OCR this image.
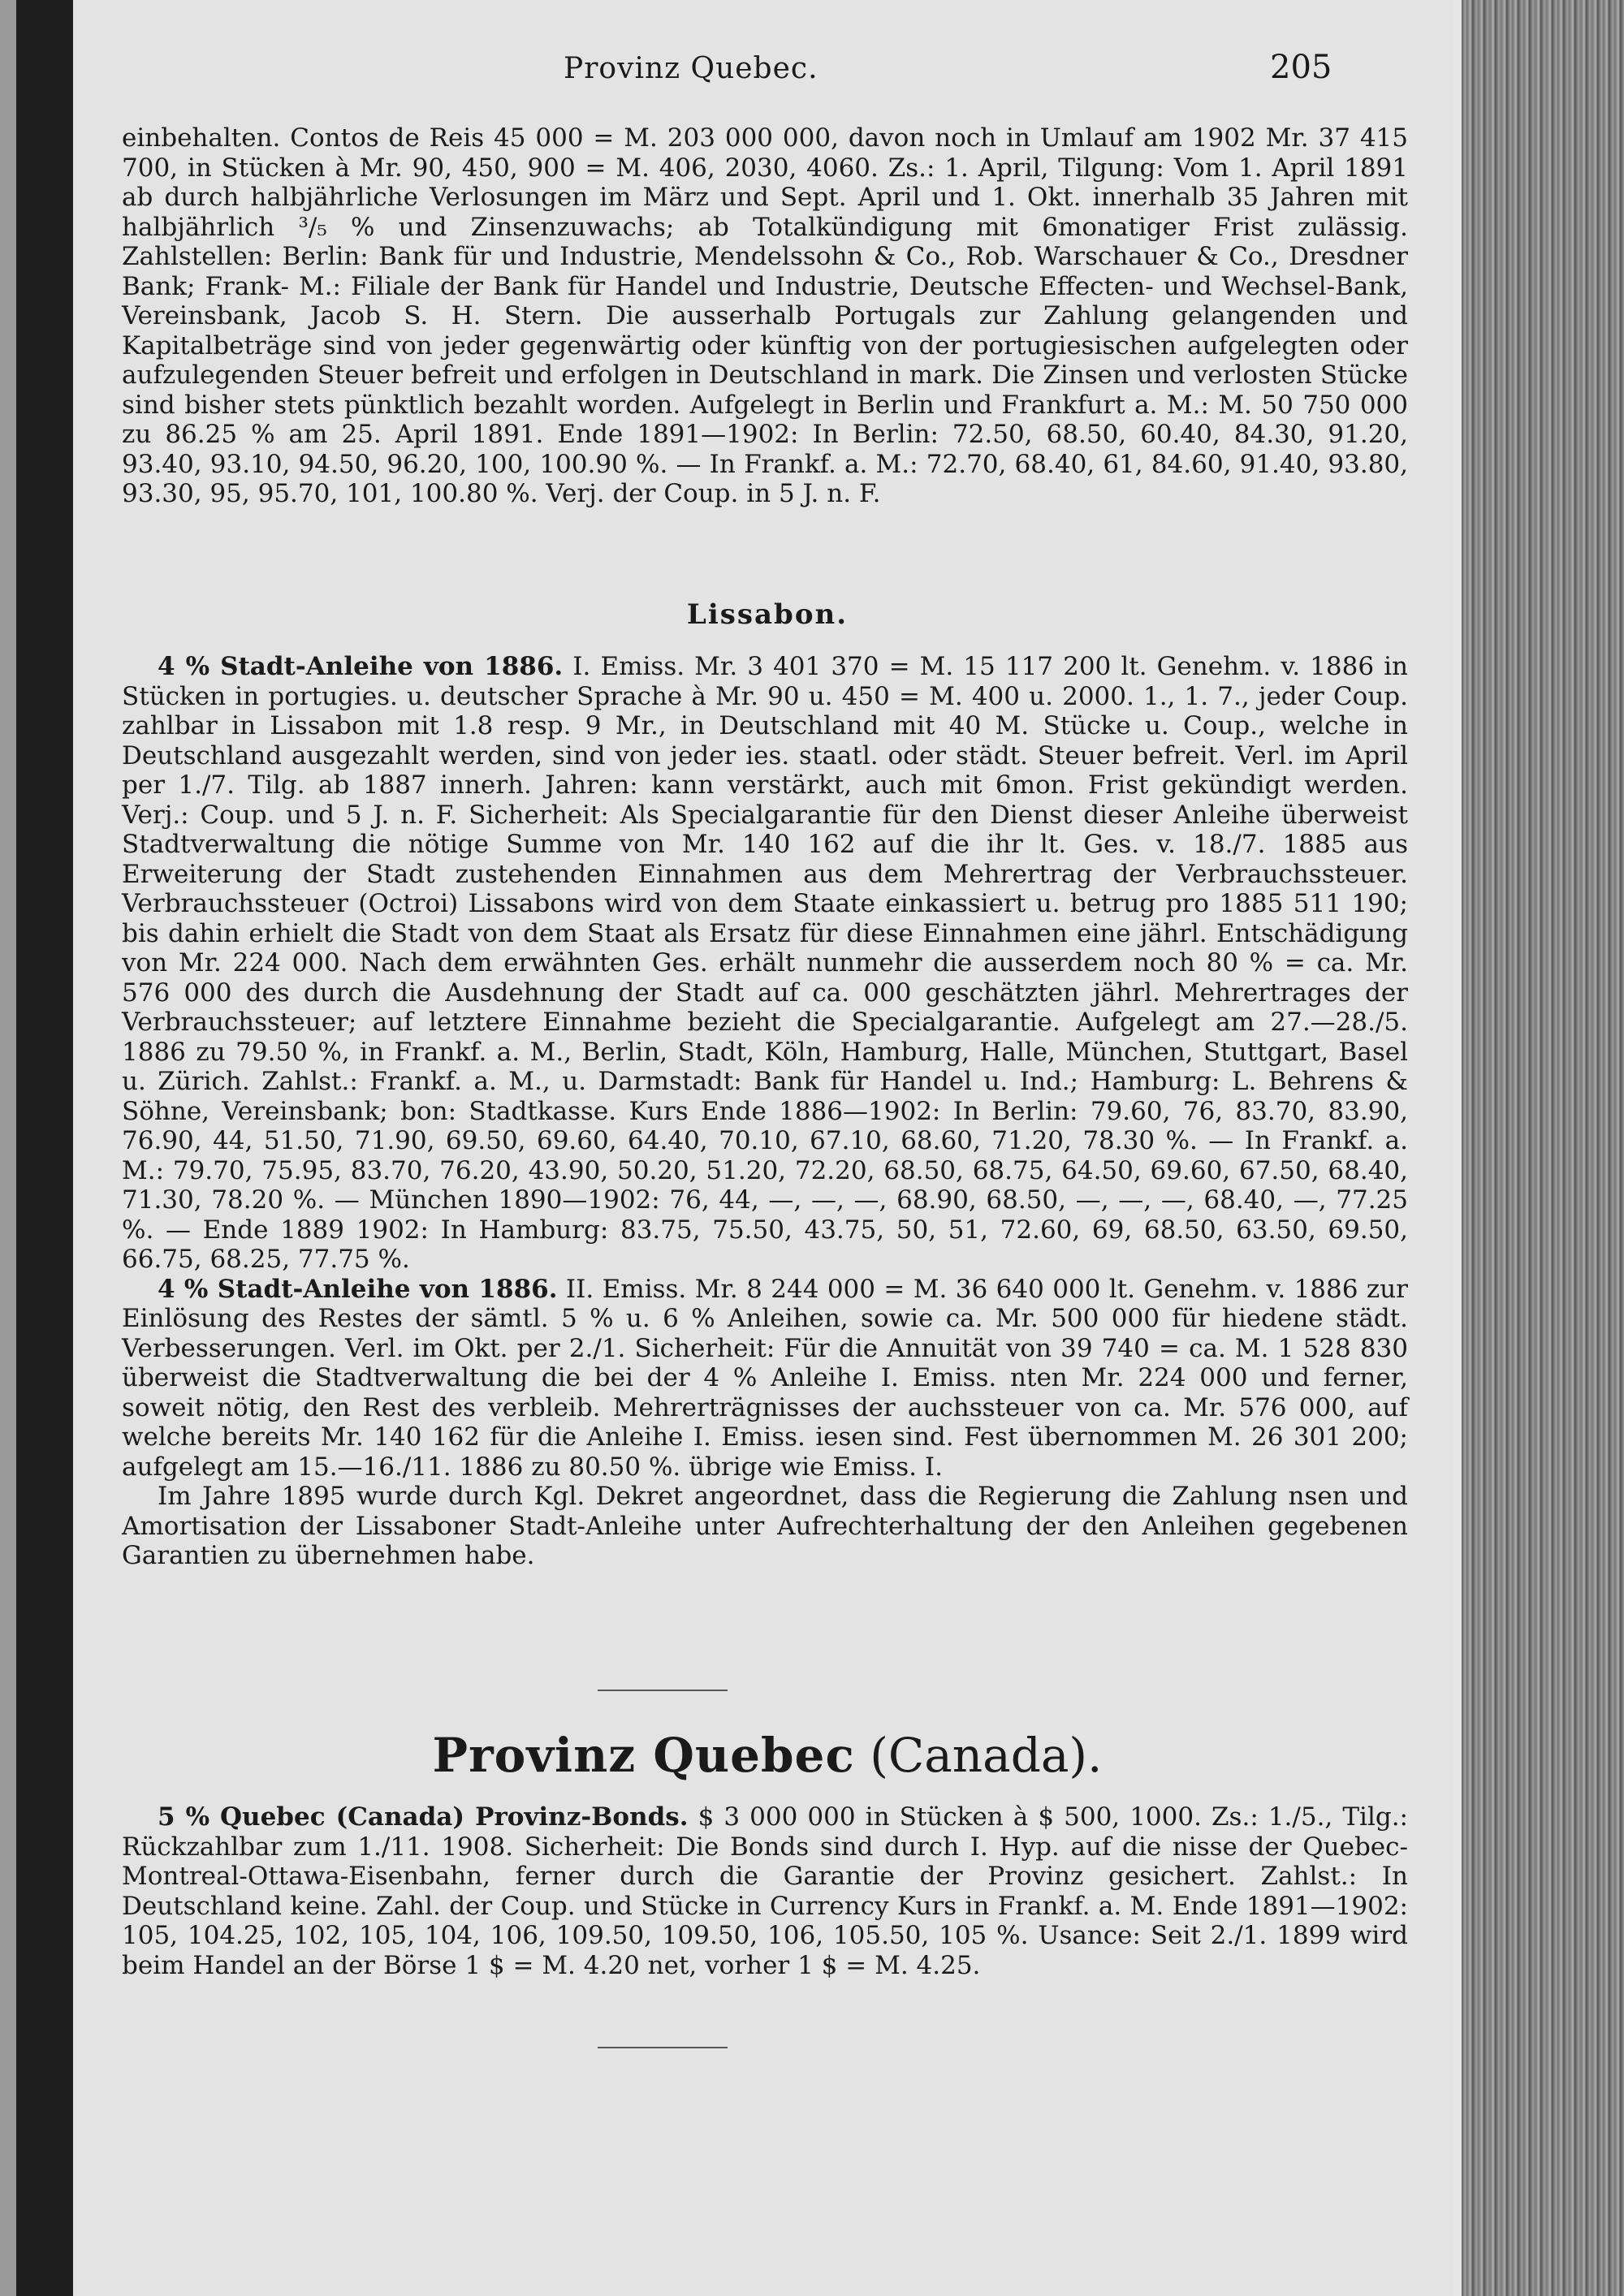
Provinz Quebec.	205

einbehalten. Contos de Reis 45 000 = M. 203 000 000, davon noch in Umlauf am 1902 Mr. 37 415 700, in Stücken à Mr. 90, 450, 900 = M. 406, 2030, 4060. Zs.: 1. April, Tilgung: Vom 1. April 1891 ab durch halbjährliche Verlosungen im März und Sept. April und 1. Okt. innerhalb 35 Jahren mit halbjährlich ³/₅ % und Zinsenzuwachs; ab Totalkündigung mit 6monatiger Frist zulässig. Zahlstellen: Berlin: Bank für und Industrie, Mendelssohn & Co., Rob. Warschauer & Co., Dresdner Bank; Frank- M.: Filiale der Bank für Handel und Industrie, Deutsche Effecten- und Wechsel-Bank, Vereinsbank, Jacob S. H. Stern. Die ausserhalb Portugals zur Zahlung gelangenden und Kapitalbeträge sind von jeder gegenwärtig oder künftig von der portugiesischen aufgelegten oder aufzulegenden Steuer befreit und erfolgen in Deutschland in mark. Die Zinsen und verlosten Stücke sind bisher stets pünktlich bezahlt worden. Aufgelegt in Berlin und Frankfurt a. M.: M. 50 750 000 zu 86.25 % am 25. April 1891. Ende 1891—1902: In Berlin: 72.50, 68.50, 60.40, 84.30, 91.20, 93.40, 93.10, 94.50, 96.20, 100, 100.90 %. — In Frankf. a. M.: 72.70, 68.40, 61, 84.60, 91.40, 93.80, 93.30, 95, 95.70, 101, 100.80 %. Verj. der Coup. in 5 J. n. F.

Lissabon.

4 % Stadt-Anleihe von 1886. I. Emiss. Mr. 3 401 370 = M. 15 117 200 lt. Genehm. v. 1886 in Stücken in portugies. u. deutscher Sprache à Mr. 90 u. 450 = M. 400 u. 2000. 1., 1. 7., jeder Coup. zahlbar in Lissabon mit 1.8 resp. 9 Mr., in Deutschland mit 40 M. Stücke u. Coup., welche in Deutschland ausgezahlt werden, sind von jeder ies. staatl. oder städt. Steuer befreit. Verl. im April per 1./7. Tilg. ab 1887 innerh. Jahren: kann verstärkt, auch mit 6mon. Frist gekündigt werden. Verj.: Coup. und 5 J. n. F. Sicherheit: Als Specialgarantie für den Dienst dieser Anleihe überweist Stadtverwaltung die nötige Summe von Mr. 140 162 auf die ihr lt. Ges. v. 18./7. 1885 aus Erweiterung der Stadt zustehenden Einnahmen aus dem Mehrertrag der Verbrauchssteuer. Verbrauchssteuer (Octroi) Lissabons wird von dem Staate einkassiert u. betrug pro 1885 511 190; bis dahin erhielt die Stadt von dem Staat als Ersatz für diese Einnahmen eine jährl. Entschädigung von Mr. 224 000. Nach dem erwähnten Ges. erhält nunmehr die ausserdem noch 80 % = ca. Mr. 576 000 des durch die Ausdehnung der Stadt auf ca. 000 geschätzten jährl. Mehrertrages der Verbrauchssteuer; auf letztere Einnahme bezieht die Specialgarantie. Aufgelegt am 27.—28./5. 1886 zu 79.50 %, in Frankf. a. M., Berlin, Stadt, Köln, Hamburg, Halle, München, Stuttgart, Basel u. Zürich. Zahlst.: Frankf. a. M., u. Darmstadt: Bank für Handel u. Ind.; Hamburg: L. Behrens & Söhne, Vereinsbank; bon: Stadtkasse. Kurs Ende 1886—1902: In Berlin: 79.60, 76, 83.70, 83.90, 76.90, 44, 51.50, 71.90, 69.50, 69.60, 64.40, 70.10, 67.10, 68.60, 71.20, 78.30 %. — In Frankf. a. M.: 79.70, 75.95, 83.70, 76.20, 43.90, 50.20, 51.20, 72.20, 68.50, 68.75, 64.50, 69.60, 67.50, 68.40, 71.30, 78.20 %. — München 1890—1902: 76, 44, —, —, —, 68.90, 68.50, —, —, —, 68.40, —, 77.25 %. — Ende 1889 1902: In Hamburg: 83.75, 75.50, 43.75, 50, 51, 72.60, 69, 68.50, 63.50, 69.50, 66.75, 68.25, 77.75 %.

4 % Stadt-Anleihe von 1886. II. Emiss. Mr. 8 244 000 = M. 36 640 000 lt. Genehm. v. 1886 zur Einlösung des Restes der sämtl. 5 % u. 6 % Anleihen, sowie ca. Mr. 500 000 für hiedene städt. Verbesserungen. Verl. im Okt. per 2./1. Sicherheit: Für die Annuität von 39 740 = ca. M. 1 528 830 überweist die Stadtverwaltung die bei der 4 % Anleihe I. Emiss. nten Mr. 224 000 und ferner, soweit nötig, den Rest des verbleib. Mehrerträgnisses der auchssteuer von ca. Mr. 576 000, auf welche bereits Mr. 140 162 für die Anleihe I. Emiss. iesen sind. Fest übernommen M. 26 301 200; aufgelegt am 15.—16./11. 1886 zu 80.50 %. übrige wie Emiss. I.

Im Jahre 1895 wurde durch Kgl. Dekret angeordnet, dass die Regierung die Zahlung nsen und Amortisation der Lissaboner Stadt-Anleihe unter Aufrechterhaltung der den Anleihen gegebenen Garantien zu übernehmen habe.

Provinz Quebec (Canada).

5 % Quebec (Canada) Provinz-Bonds. $ 3 000 000 in Stücken à $ 500, 1000. Zs.: 1./5., Tilg.: Rückzahlbar zum 1./11. 1908. Sicherheit: Die Bonds sind durch I. Hyp. auf die nisse der Quebec-Montreal-Ottawa-Eisenbahn, ferner durch die Garantie der Provinz gesichert. Zahlst.: In Deutschland keine. Zahl. der Coup. und Stücke in Currency Kurs in Frankf. a. M. Ende 1891—1902: 105, 104.25, 102, 105, 104, 106, 109.50, 109.50, 106, 105.50, 105 %. Usance: Seit 2./1. 1899 wird beim Handel an der Börse 1 $ = M. 4.20 net, vorher 1 $ = M. 4.25.
